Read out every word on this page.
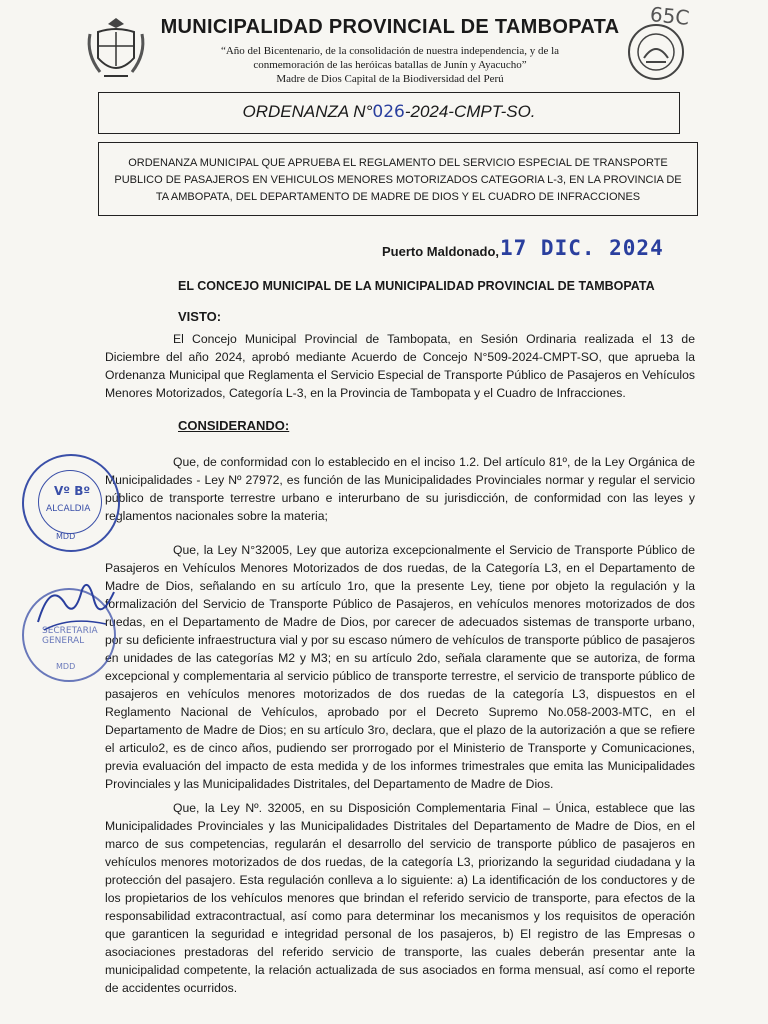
MUNICIPALIDAD PROVINCIAL DE TAMBOPATA
“Año del Bicentenario, de la consolidación de nuestra independencia, y de la
conmemoración de las heróicas batallas de Junín y Ayacucho”
Madre de Dios Capital de la Biodiversidad del Perú
65C
ORDENANZA N°026-2024-CMPT-SO.
ORDENANZA MUNICIPAL QUE APRUEBA EL REGLAMENTO DEL SERVICIO ESPECIAL DE TRANSPORTE PUBLICO DE PASAJEROS EN VEHICULOS MENORES MOTORIZADOS CATEGORIA L-3, EN LA PROVINCIA DE TA AMBOPATA, DEL DEPARTAMENTO DE MADRE DE DIOS Y EL CUADRO DE INFRACCIONES
Puerto Maldonado, 17 DIC. 2024
EL CONCEJO MUNICIPAL DE LA MUNICIPALIDAD PROVINCIAL DE TAMBOPATA
VISTO:
El Concejo Municipal Provincial de Tambopata, en Sesión Ordinaria realizada el 13 de Diciembre del año 2024, aprobó mediante Acuerdo de Concejo N°509-2024-CMPT-SO, que aprueba la Ordenanza Municipal que Reglamenta el Servicio Especial de Transporte Público de Pasajeros en Vehículos Menores Motorizados, Categoría L-3, en la Provincia de Tambopata y el Cuadro de Infracciones.
CONSIDERANDO:
Que, de conformidad con lo establecido en el inciso 1.2. Del artículo 81º, de la Ley Orgánica de Municipalidades - Ley Nº 27972, es función de las Municipalidades Provinciales normar y regular el servicio público de transporte terrestre urbano e interurbano de su jurisdicción, de conformidad con las leyes y reglamentos nacionales sobre la materia;
Que, la Ley N°32005, Ley que autoriza excepcionalmente el Servicio de Transporte Público de Pasajeros en Vehículos Menores Motorizados de dos ruedas, de la Categoría L3, en el Departamento de Madre de Dios, señalando en su artículo 1ro, que la presente Ley, tiene por objeto la regulación y la formalización del Servicio de Transporte Público de Pasajeros, en vehículos menores motorizados de dos ruedas, en el Departamento de Madre de Dios, por carecer de adecuados sistemas de transporte urbano, por su deficiente infraestructura vial y por su escaso número de vehículos de transporte público de pasajeros en unidades de las categorías M2 y M3; en su artículo 2do, señala claramente que se autoriza, de forma excepcional y complementaria al servicio público de transporte terrestre, el servicio de transporte público de pasajeros en vehículos menores motorizados de dos ruedas de la categoría L3, dispuestos en el Reglamento Nacional de Vehículos, aprobado por el Decreto Supremo No.058-2003-MTC, en el Departamento de Madre de Dios; en su artículo 3ro, declara, que el plazo de la autorización a que se refiere el articulo2, es de cinco años, pudiendo ser prorrogado por el Ministerio de Transporte y Comunicaciones, previa evaluación del impacto de esta medida y de los informes trimestrales que emita las Municipalidades Provinciales y las Municipalidades Distritales, del Departamento de Madre de Dios.
Que, la Ley Nº. 32005, en su Disposición Complementaria Final – Única, establece que las Municipalidades Provinciales y las Municipalidades Distritales del Departamento de Madre de Dios, en el marco de sus competencias, regularán el desarrollo del servicio de transporte público de pasajeros en vehículos menores motorizados de dos ruedas, de la categoría L3, priorizando la seguridad ciudadana y la protección del pasajero. Esta regulación conlleva a lo siguiente: a) La identificación de los conductores y de los propietarios de los vehículos menores que brindan el referido servicio de transporte, para efectos de la responsabilidad extracontractual, así como para determinar los mecanismos y los requisitos de operación que garanticen la seguridad e integridad personal de los pasajeros, b) El registro de las Empresas o asociaciones prestadoras del referido servicio de transporte, las cuales deberán presentar ante la municipalidad competente, la relación actualizada de sus asociados en forma mensual, así como el reporte de accidentes ocurridos.
Vº Bº
ALCALDIA
MDD
SECRETARIA GENERAL
MDD
